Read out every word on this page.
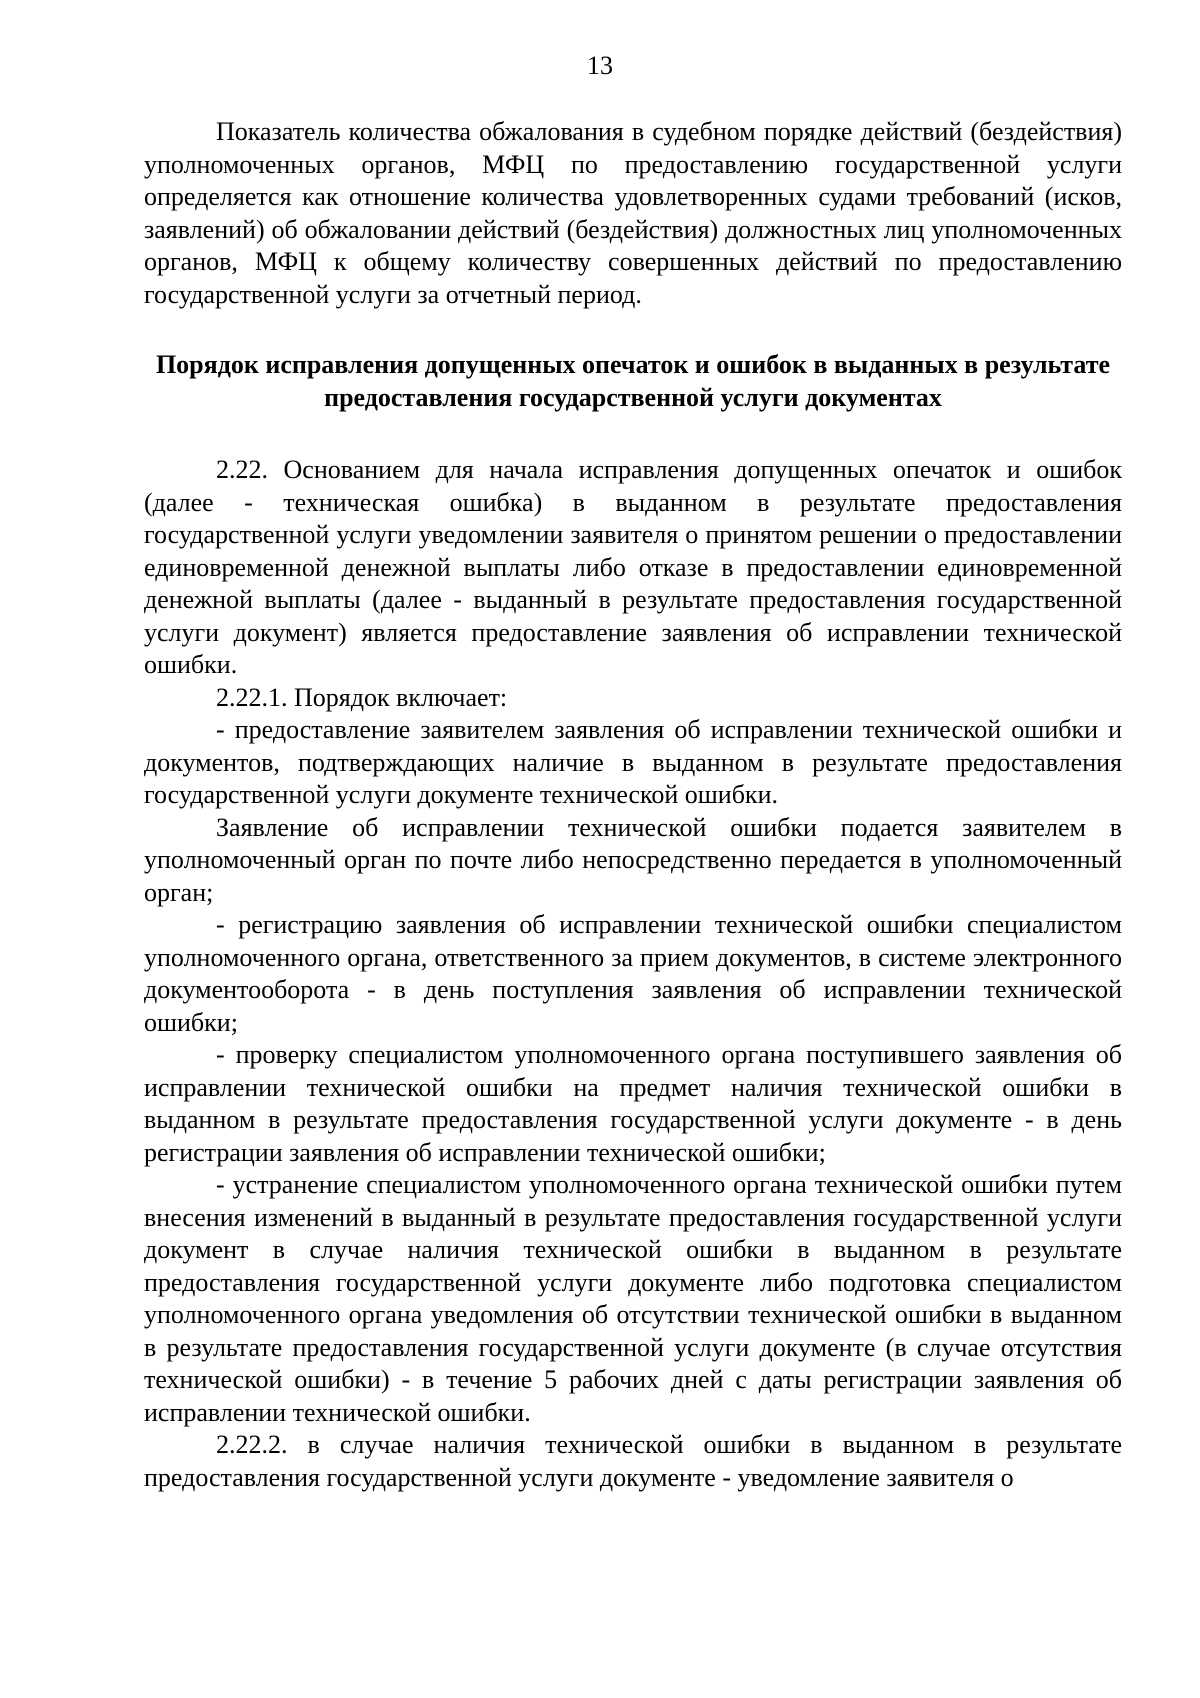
13

Показатель количества обжалования в судебном порядке действий (бездействия) уполномоченных органов, МФЦ по предоставлению государственной услуги определяется как отношение количества удовлетворенных судами требований (исков, заявлений) об обжаловании действий (бездействия) должностных лиц уполномоченных органов, МФЦ к общему количеству совершенных действий по предоставлению государственной услуги за отчетный период.

Порядок исправления допущенных опечаток и ошибок в выданных в результате предоставления государственной услуги документах

2.22. Основанием для начала исправления допущенных опечаток и ошибок (далее - техническая ошибка) в выданном в результате предоставления государственной услуги уведомлении заявителя о принятом решении о предоставлении единовременной денежной выплаты либо отказе в предоставлении единовременной денежной выплаты (далее - выданный в результате предоставления государственной услуги документ) является предоставление заявления об исправлении технической ошибки.

2.22.1. Порядок включает:

- предоставление заявителем заявления об исправлении технической ошибки и документов, подтверждающих наличие в выданном в результате предоставления государственной услуги документе технической ошибки.

Заявление об исправлении технической ошибки подается заявителем в уполномоченный орган по почте либо непосредственно передается в уполномоченный орган;

- регистрацию заявления об исправлении технической ошибки специалистом уполномоченного органа, ответственного за прием документов, в системе электронного документооборота - в день поступления заявления об исправлении технической ошибки;

- проверку специалистом уполномоченного органа поступившего заявления об исправлении технической ошибки на предмет наличия технической ошибки в выданном в результате предоставления государственной услуги документе - в день регистрации заявления об исправлении технической ошибки;

- устранение специалистом уполномоченного органа технической ошибки путем внесения изменений в выданный в результате предоставления государственной услуги документ в случае наличия технической ошибки в выданном в результате предоставления государственной услуги документе либо подготовка специалистом уполномоченного органа уведомления об отсутствии технической ошибки в выданном в результате предоставления государственной услуги документе (в случае отсутствия технической ошибки) - в течение 5 рабочих дней с даты регистрации заявления об исправлении технической ошибки.

2.22.2. в случае наличия технической ошибки в выданном в результате предоставления государственной услуги документе - уведомление заявителя о
